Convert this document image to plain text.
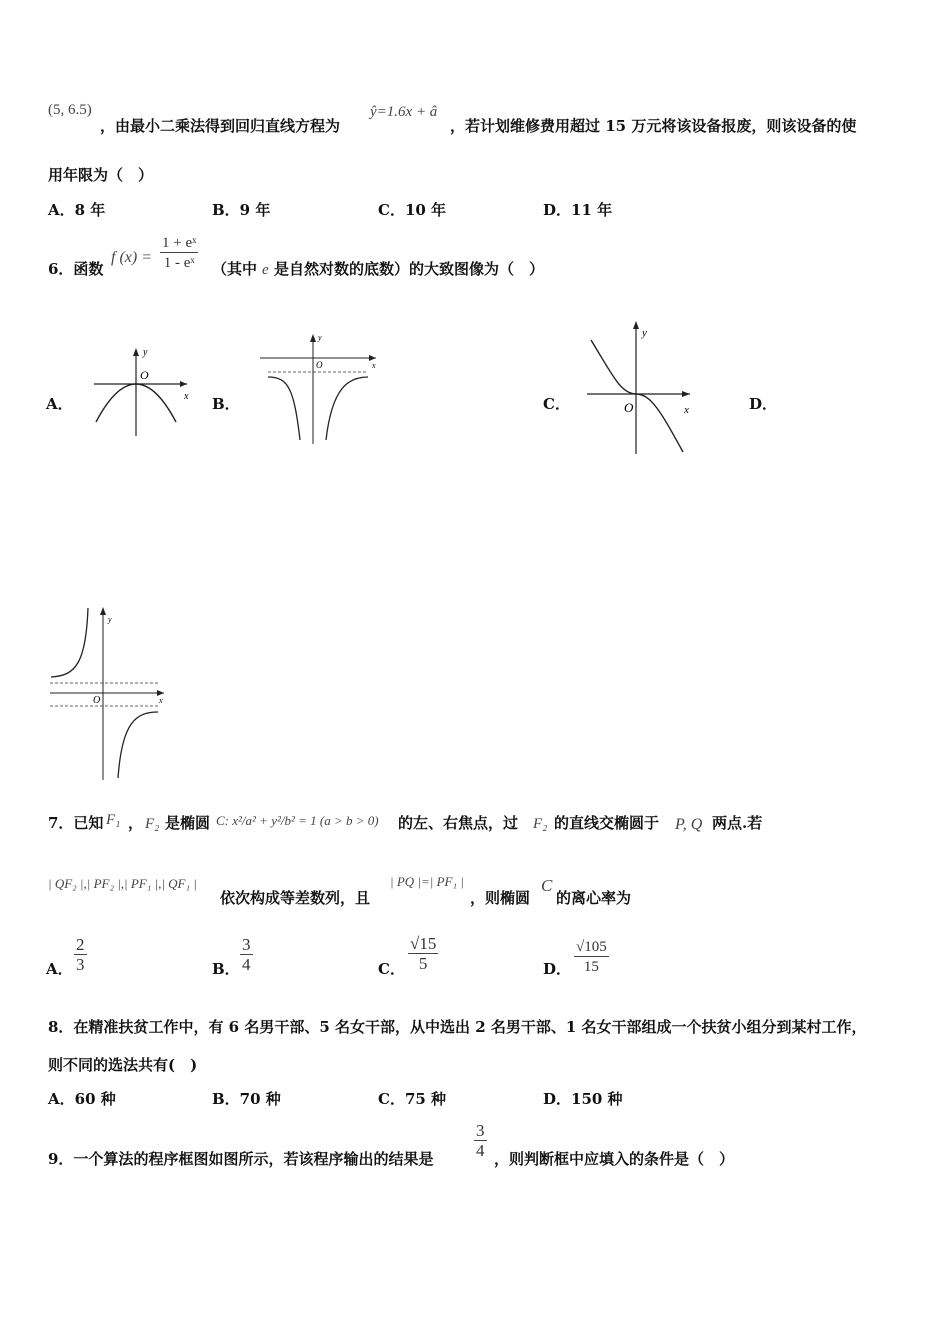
(5, 6.5)
，由最小二乘法得到回归直线方程为
ŷ=1.6x + â
，若计划维修费用超过 15 万元将该设备报废，则该设备的使
用年限为（　）
A．8 年	B．9 年	C．10 年	D．11 年
6．函数
f $(x) = \frac{\text{1 + eˣ}}{\text{1 - eˣ}}$ （其中 e 是自然对数的底数）的大致图像为（　）
A．	B．	C．	D．
y
x
O
y
x
O
y
x
O
y
x
O
7．已知 F₁ ， F₂ 是椭圆 C: x²/a² + y²/b² = 1 (a > b > 0) 的左、右焦点，过 F₂ 的直线交椭圆于 P, Q 两点.若
| QF₂ |,| PF₂ |,| PF₁ |,| QF₁ |
依次构成等差数列，且
| PQ |=| PF₁ |
，则椭圆
C
的离心率为
A． $\frac{2}{3}$	B． $\frac{3}{4}$	C． $\frac{√15}{5}$	D． $\frac{√105}{15}$
8．在精准扶贫工作中，有 6 名男干部、5 名女干部，从中选出 2 名男干部、1 名女干部组成一个扶贫小组分到某村工作，
则不同的选法共有(　)
A．60 种	B．70 种	C．75 种	D．150 种
9．一个算法的程序框图如图所示，若该程序输出的结果是 $\frac{3}{4}$ ，则判断框中应填入的条件是（　）
